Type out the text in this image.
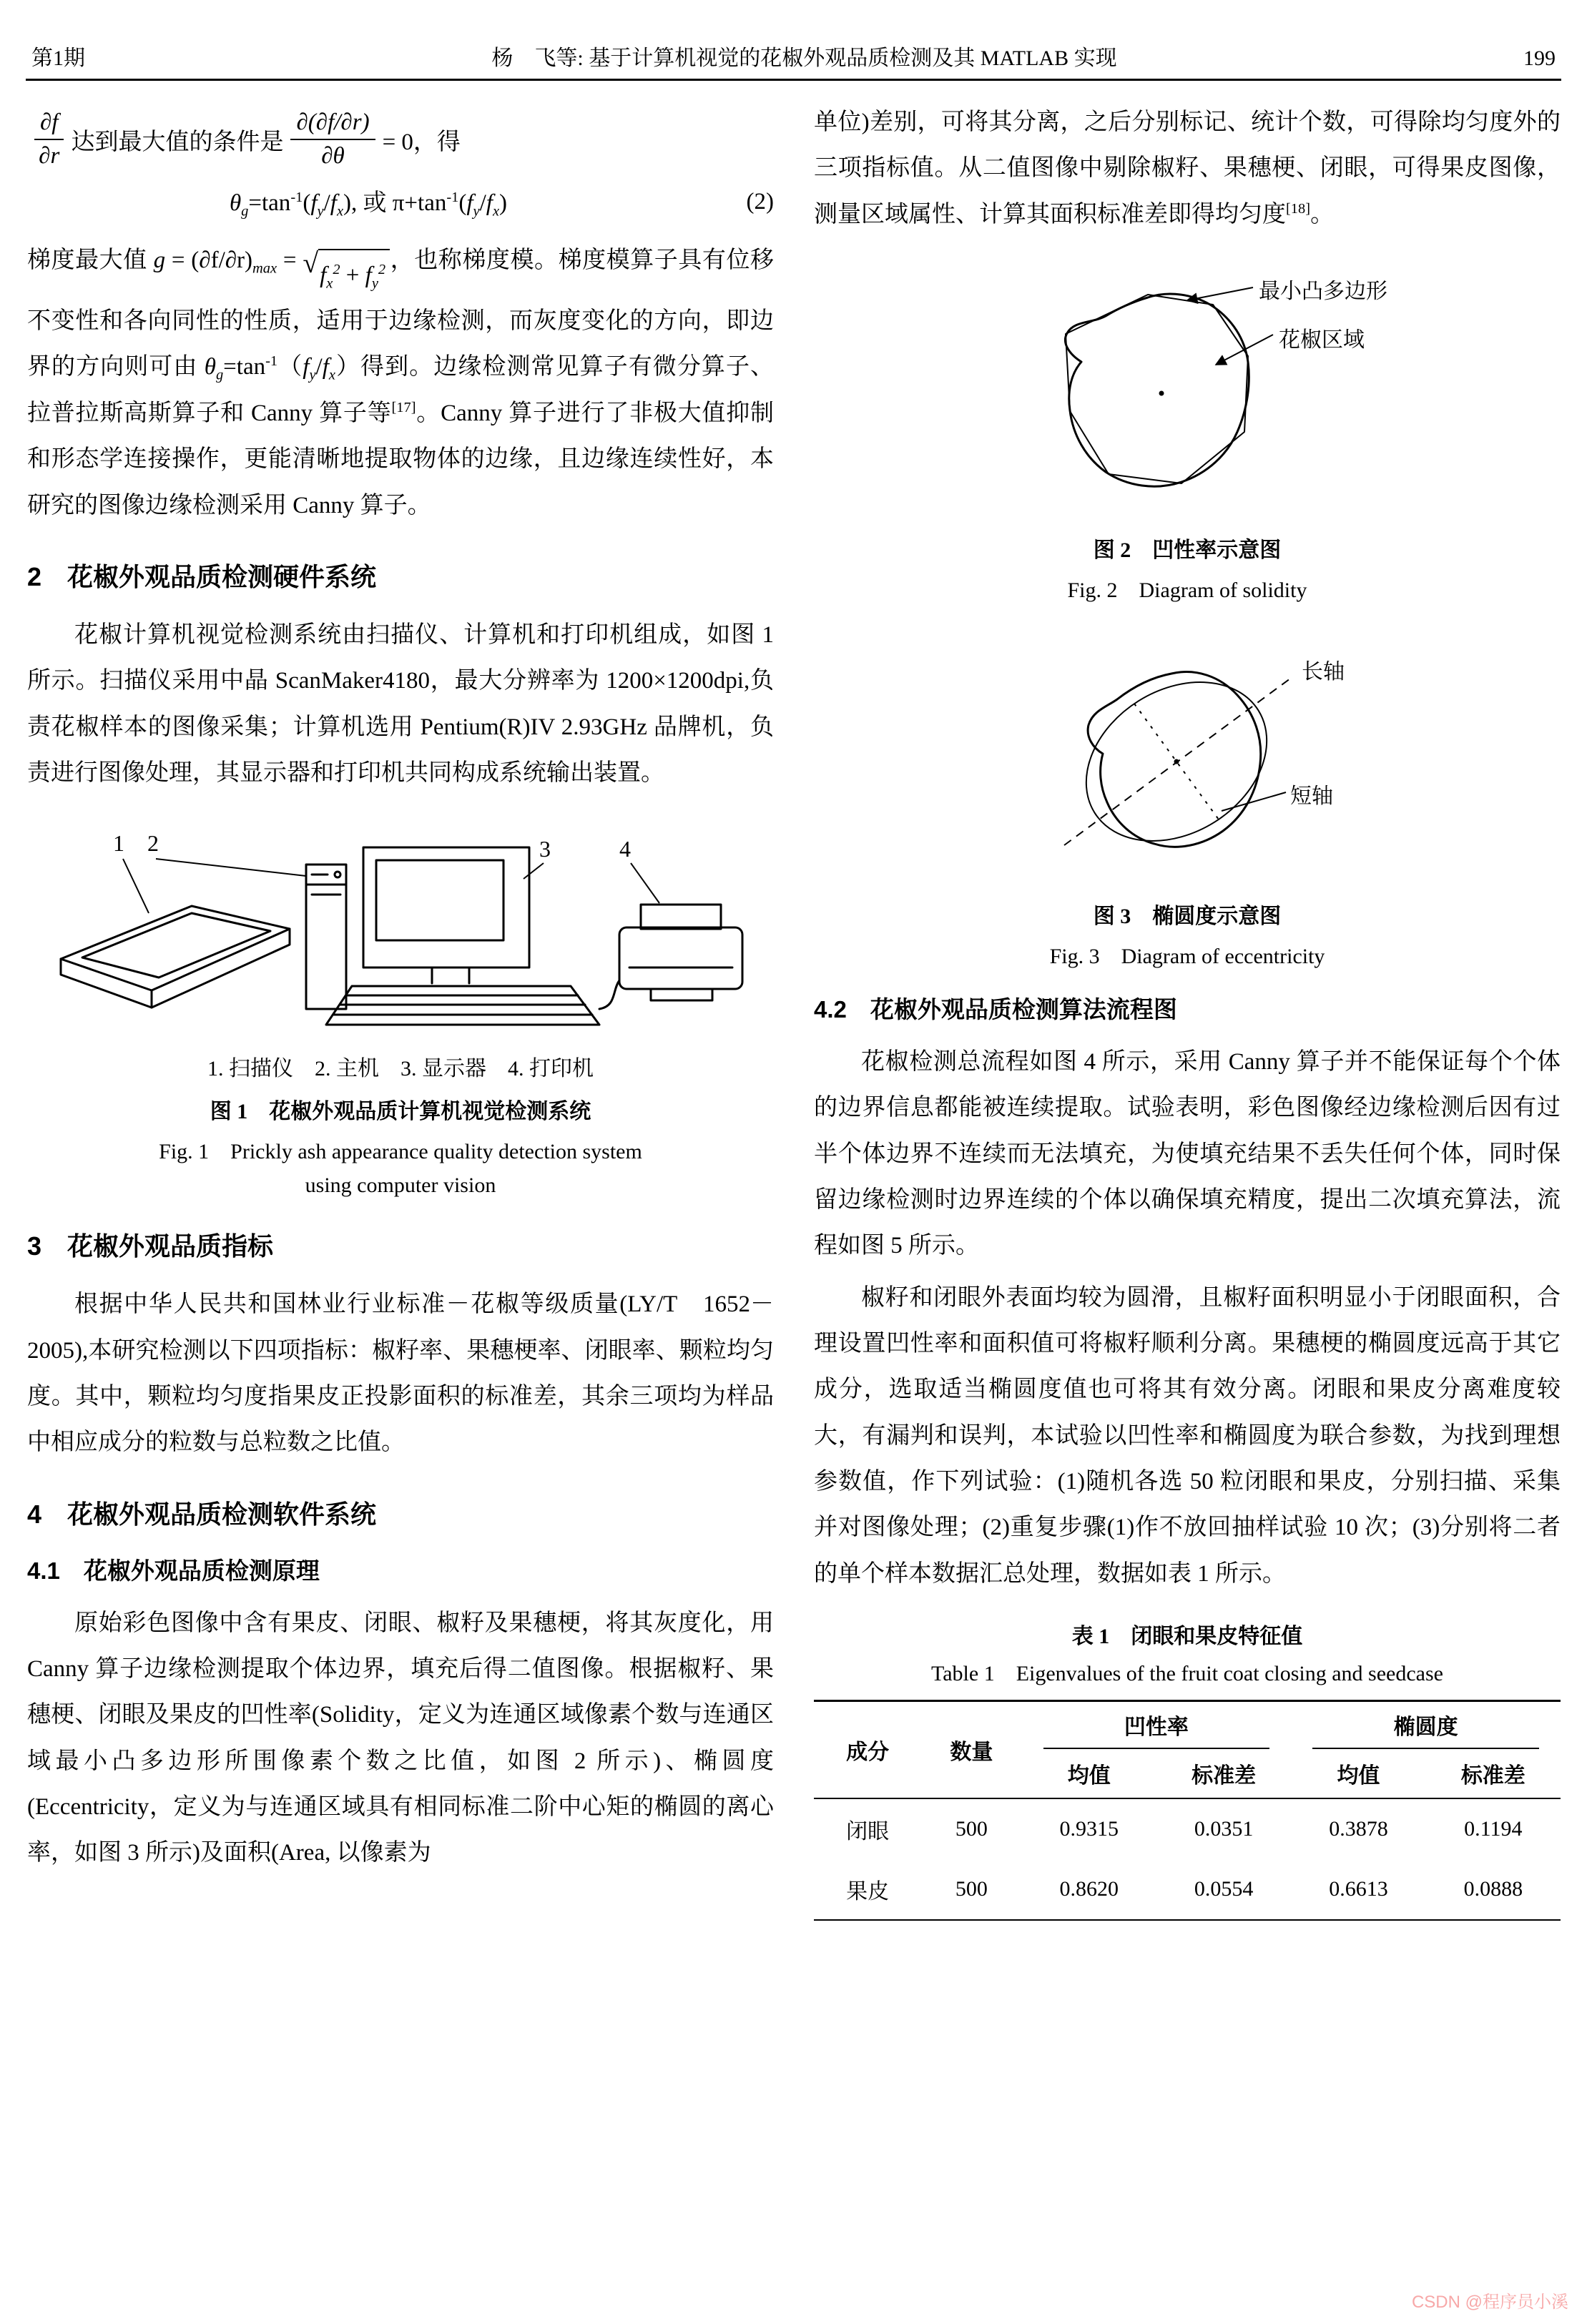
第1期	杨　飞等: 基于计算机视觉的花椒外观品质检测及其 MATLAB 实现	199
$\frac{\partial f}{\partial r}$ 达到最大值的条件是 $\frac{\partial(\partial f/\partial r)}{\partial\theta} = 0$，得
$\theta_g=\tan^{-1}(f_y/f_x)$, 或 $\pi+\tan^{-1}(f_y/f_x)$	(2)

梯度最大值 $g = (\partial f/\partial r)_{max}$ = √ $f_x^2 + f_y^2$ ，也称梯度模。梯度模算子具有位移不变性和各向同性的性质，适用于边缘检测，而灰度变化的方向，即边界的方向则可由 $\theta_g=\tan^{-1}(f_y/f_x)$得到。边缘检测常见算子有微分算子、拉普拉斯高斯算子和 Canny 算子等[17]。Canny 算子进行了非极大值抑制和形态学连接操作，更能清晰地提取物体的边缘，且边缘连续性好，本研究的图像边缘检测采用 Canny 算子。

2　花椒外观品质检测硬件系统

花椒计算机视觉检测系统由扫描仪、计算机和打印机组成，如图 1 所示。扫描仪采用中晶 ScanMaker4180，最大分辨率为 1200×1200dpi,负责花椒样本的图像采集；计算机选用 Pentium(R)IV 2.93GHz 品牌机，负责进行图像处理，其显示器和打印机共同构成系统输出装置。

1 2	3	4
1. 扫描仪　2. 主机　3. 显示器　4. 打印机
图 1　花椒外观品质计算机视觉检测系统
Fig. 1　Prickly ash appearance quality detection system
using computer vision
3　花椒外观品质指标

根据中华人民共和国林业行业标准－花椒等级质量(LY/T　1652－2005),本研究检测以下四项指标：椒籽率、果穗梗率、闭眼率、颗粒均匀度。其中，颗粒均匀度指果皮正投影面积的标准差，其余三项均为样品中相应成分的粒数与总粒数之比值。

4　花椒外观品质检测软件系统
4.1　花椒外观品质检测原理

原始彩色图像中含有果皮、闭眼、椒籽及果穗梗，将其灰度化，用 Canny 算子边缘检测提取个体边界，填充后得二值图像。根据椒籽、果穗梗、闭眼及果皮的凹性率(Solidity，定义为连通区域像素个数与连通区域最小凸多边形所围像素个数之比值，如图 2 所示)、椭圆度(Eccentricity，定义为与连通区域具有相同标准二阶中心矩的椭圆的离心率，如图 3 所示)及面积(Area, 以像素为

单位)差别，可将其分离，之后分别标记、统计个数，可得除均匀度外的三项指标值。从二值图像中剔除椒籽、果穗梗、闭眼，可得果皮图像，测量区域属性、计算其面积标准差即得均匀度[18]。

最小凸多边形
花椒区域
图 2　凹性率示意图
Fig. 2　Diagram of solidity
长轴
短轴
图 3　椭圆度示意图
Fig. 3　Diagram of eccentricity
4.2　花椒外观品质检测算法流程图

花椒检测总流程如图 4 所示，采用 Canny 算子并不能保证每个个体的边界信息都能被连续提取。试验表明，彩色图像经边缘检测后因有过半个体边界不连续而无法填充，为使填充结果不丢失任何个体，同时保留边缘检测时边界连续的个体以确保填充精度，提出二次填充算法，流程如图 5 所示。

椒籽和闭眼外表面均较为圆滑，且椒籽面积明显小于闭眼面积，合理设置凹性率和面积值可将椒籽顺利分离。果穗梗的椭圆度远高于其它成分，选取适当椭圆度值也可将其有效分离。闭眼和果皮分离难度较大，有漏判和误判，本试验以凹性率和椭圆度为联合参数，为找到理想参数值，作下列试验：(1)随机各选 50 粒闭眼和果皮，分别扫描、采集并对图像处理；(2)重复步骤(1)作不放回抽样试验 10 次；(3)分别将二者的单个样本数据汇总处理，数据如表 1 所示。

表 1　闭眼和果皮特征值
Table 1　Eigenvalues of the fruit coat closing and seedcase
成分	数量	凹性率		椭圆度	
		均值	标准差	均值	标准差
闭眼	500	0.9315	0.0351	0.3878	0.1194
果皮	500	0.8620	0.0554	0.6613	0.0888
CSDN @程序员小溪
